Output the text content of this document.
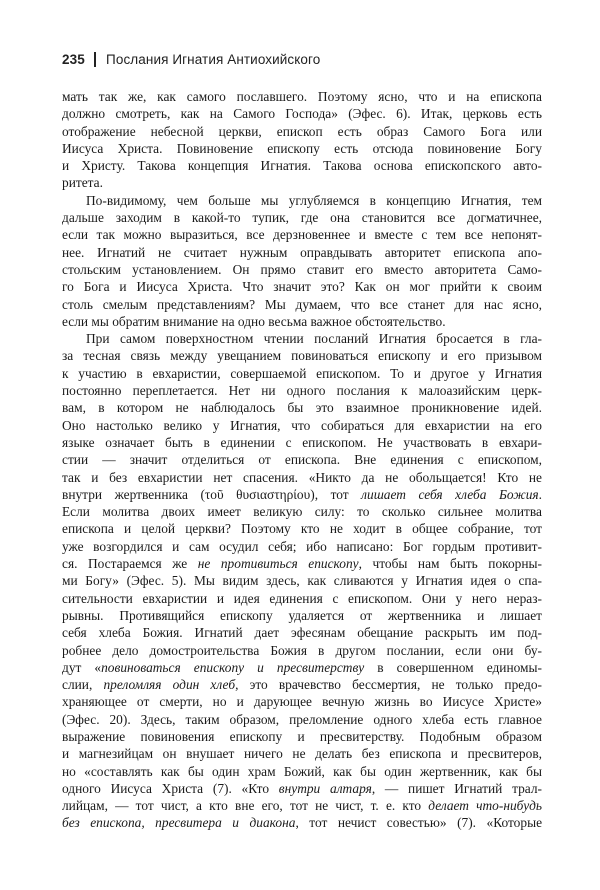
235 Послания Игнатия Антиохийского
мать так же, как самого пославшего. Поэтому ясно, что и на епископа
должно смотреть, как на Самого Господа» (Эфес. 6). Итак, церковь есть
отображение небесной церкви, епископ есть образ Самого Бога или
Иисуса Христа. Повиновение епископу есть отсюда повиновение Богу
и Христу. Такова концепция Игнатия. Такова основа епископского авто-
ритета.
По-видимому, чем больше мы углубляемся в концепцию Игнатия, тем
дальше заходим в какой-то тупик, где она становится все догматичнее,
если так можно выразиться, все дерзновеннее и вместе с тем все непонят-
нее. Игнатий не считает нужным оправдывать авторитет епископа апо-
стольским установлением. Он прямо ставит его вместо авторитета Само-
го Бога и Иисуса Христа. Что значит это? Как он мог прийти к своим
столь смелым представлениям? Мы думаем, что все станет для нас ясно,
если мы обратим внимание на одно весьма важное обстоятельство.
При самом поверхностном чтении посланий Игнатия бросается в гла-
за тесная связь между увещанием повиноваться епископу и его призывом
к участию в евхаристии, совершаемой епископом. То и другое у Игнатия
постоянно переплетается. Нет ни одного послания к малоазийским церк-
вам, в котором не наблюдалось бы это взаимное проникновение идей.
Оно настолько велико у Игнатия, что собираться для евхаристии на его
языке означает быть в единении с епископом. Не участвовать в евхари-
стии — значит отделиться от епископа. Вне единения с епископом,
так и без евхаристии нет спасения. «Никто да не обольщается! Кто не
внутри жертвенника (τοῦ θυσιαστηρίου), тот лишает себя хлеба Божия.
Если молитва двоих имеет великую силу: то сколько сильнее молитва
епископа и целой церкви? Поэтому кто не ходит в общее собрание, тот
уже возгордился и сам осудил себя; ибо написано: Бог гордым противит-
ся. Постараемся же не противиться епископу, чтобы нам быть покорны-
ми Богу» (Эфес. 5). Мы видим здесь, как сливаются у Игнатия идея о спа-
сительности евхаристии и идея единения с епископом. Они у него нераз-
рывны. Противящийся епископу удаляется от жертвенника и лишает
себя хлеба Божия. Игнатий дает эфесянам обещание раскрыть им под-
робнее дело домостроительства Божия в другом послании, если они бу-
дут «повиноваться епископу и пресвитерству в совершенном единомы-
слии, преломляя один хлеб, это врачевство бессмертия, не только предо-
храняющее от смерти, но и дарующее вечную жизнь во Иисусе Христе»
(Эфес. 20). Здесь, таким образом, преломление одного хлеба есть главное
выражение повиновения епископу и пресвитерству. Подобным образом
и магнезийцам он внушает ничего не делать без епископа и пресвитеров,
но «составлять как бы один храм Божий, как бы один жертвенник, как бы
одного Иисуса Христа (7). «Кто внутри алтаря, — пишет Игнатий трал-
лийцам, — тот чист, а кто вне его, тот не чист, т. е. кто делает что-нибудь
без епископа, пресвитера и диакона, тот нечист совестью» (7). «Которые
